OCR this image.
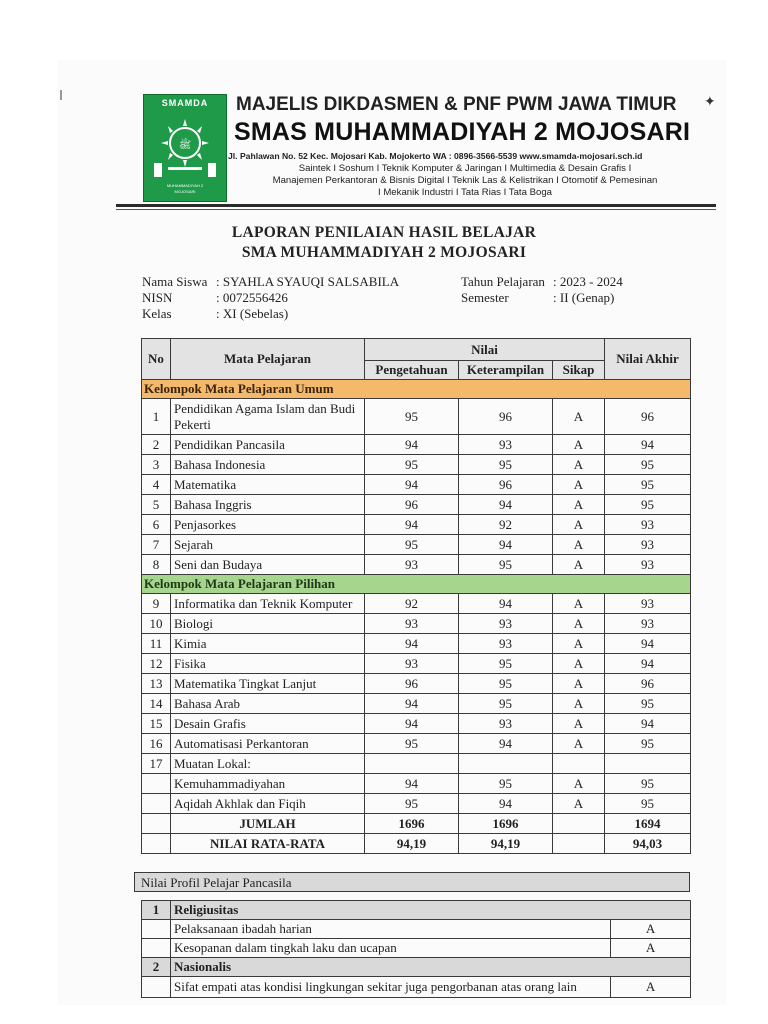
SMAMDA
ﷺ
MUHAMMADIYAH 2
MOJOSARI
MAJELIS DIKDASMEN & PNF PWM JAWA TIMUR
SMAS MUHAMMADIYAH 2 MOJOSARI
✦
Jl. Pahlawan No. 52 Kec. Mojosari Kab. Mojokerto WA : 0896-3566-5539 www.smamda-mojosari.sch.id
Saintek I Soshum I Teknik Komputer & Jaringan I Multimedia & Desain Grafis I
Manajemen Perkantoran & Bisnis Digital I Teknik Las & Kelistrikan I Otomotif & Pemesinan
I Mekanik Industri I Tata Rias I Tata Boga
LAPORAN PENILAIAN HASIL BELAJAR
SMA MUHAMMADIYAH 2 MOJOSARI
Nama Siswa : SYAHLA SYAUQI SALSABILA
NISN	: 0072556426
Kelas	: XI (Sebelas)
Tahun Pelajaran : 2023 - 2024
Semester	: II (Genap)
No	Mata Pelajaran	Nilai			Nilai Akhir
		Pengetahuan	Keterampilan	Sikap	
Kelompok Mata Pelajaran Umum					
1	Pendidikan Agama Islam dan Budi
Pekerti	95	96	A	96
2	Pendidikan Pancasila	94	93	A	94
3	Bahasa Indonesia	95	95	A	95
4	Matematika	94	96	A	95
5	Bahasa Inggris	96	94	A	95
6	Penjasorkes	94	92	A	93
7	Sejarah	95	94	A	93
8	Seni dan Budaya	93	95	A	93
Kelompok Mata Pelajaran Pilihan					
9	Informatika dan Teknik Komputer	92	94	A	93
10	Biologi	93	93	A	93
11	Kimia	94	93	A	94
12	Fisika	93	95	A	94
13	Matematika Tingkat Lanjut	96	95	A	96
14	Bahasa Arab	94	95	A	95
15	Desain Grafis	94	93	A	94
16	Automatisasi Perkantoran	95	94	A	95
17	Muatan Lokal:				
	Kemuhammadiyahan	94	95	A	95
	Aqidah Akhlak dan Fiqih	95	94	A	95
	JUMLAH	1696	1696		1694
	NILAI RATA-RATA	94,19	94,19		94,03
Nilai Profil Pelajar Pancasila
1	Religiusitas	
	Pelaksanaan ibadah harian	A
	Kesopanan dalam tingkah laku dan ucapan	A
2	Nasionalis	
	Sifat empati atas kondisi lingkungan sekitar juga pengorbanan atas orang lain	A
